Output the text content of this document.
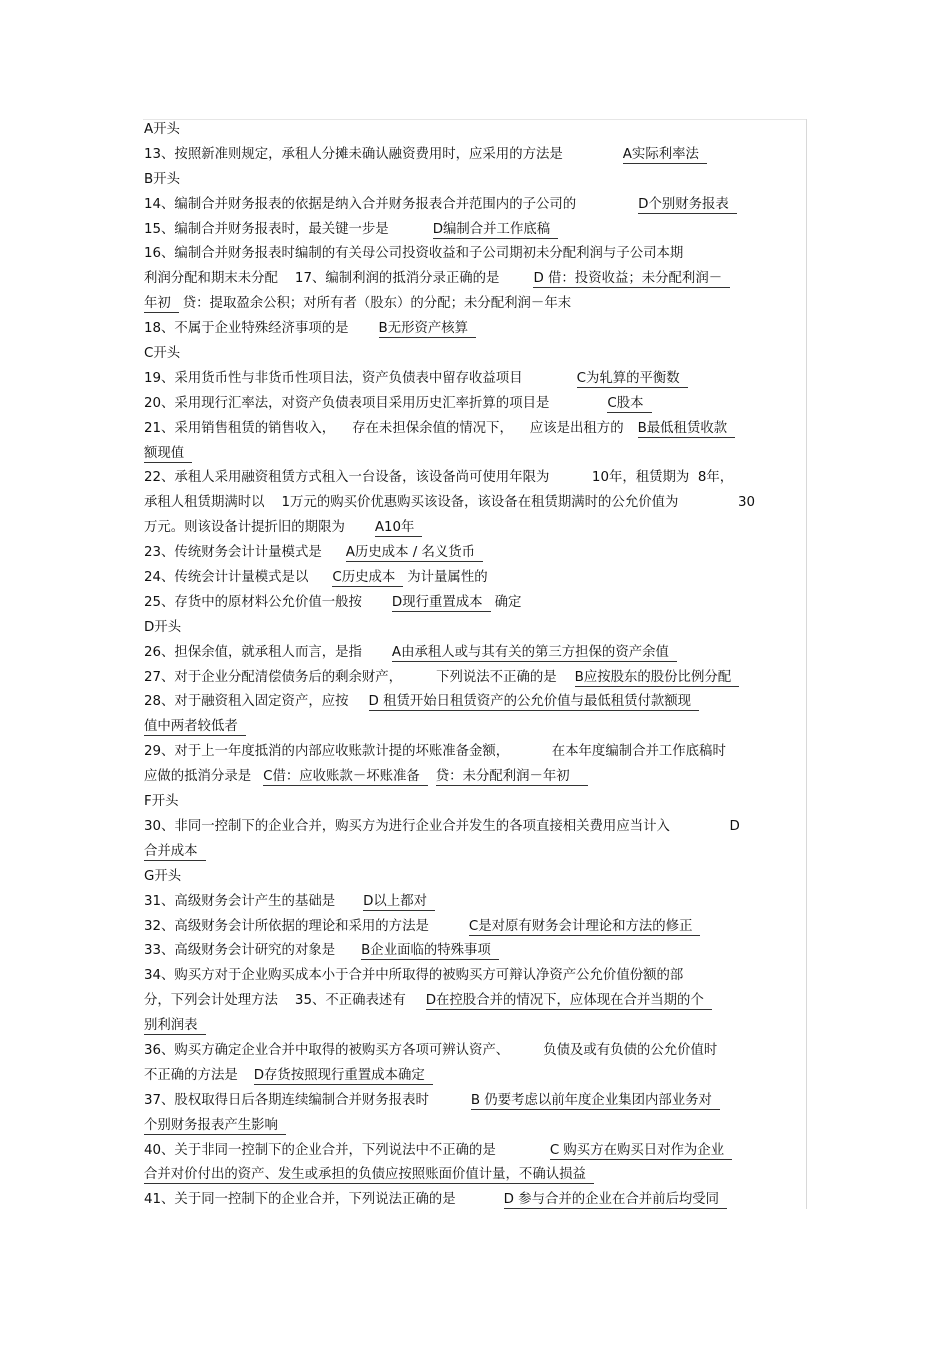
A开头
13、按照新准则规定，承租人分摊未确认融资费用时，应采用的方法是	A实际利率法
B开头
14、编制合并财务报表的依据是纳入合并财务报表合并范围内的子公司的	D个别财务报表
15、编制合并财务报表时，最关键一步是	D编制合并工作底稿
16、编制合并财务报表时编制的有关母公司投资收益和子公司期初未分配利润与子公司本期
利润分配和期末未分配    17、编制利润的抵消分录正确的是	D 借：投资收益；未分配利润－
年初 贷：提取盈余公积；对所有者（股东）的分配；未分配利润－年末
18、不属于企业特殊经济事项的是 B无形资产核算
C开头
19、采用货币性与非货币性项目法，资产负债表中留存收益项目	C为轧算的平衡数
20、采用现行汇率法，对资产负债表项目采用历史汇率折算的项目是	C股本
21、采用销售租赁的销售收入，    存在未担保余值的情况下，    应该是出租方的 B最低租赁收款
额现值
22、承租人采用融资租赁方式租入一台设备，该设备尚可使用年限为          10年，租赁期为  8年，
承租人租赁期满时以    1万元的购买价优惠购买该设备，该设备在租赁期满时的公允价值为              30
万元。则该设备计提折旧的期限为 A10年
23、传统财务会计计量模式是 A历史成本 / 名义货币
24、传统会计计量模式是以 C历史成本 为计量属性的
25、存货中的原材料公允价值一般按 D现行重置成本 确定
D开头
26、担保余值，就承租人而言，是指 A由承租人或与其有关的第三方担保的资产余值
27、对于企业分配清偿债务后的剩余财产，        下列说法不正确的是 B应按股东的股份比例分配
28、对于融资租入固定资产，应按 D 租赁开始日租赁资产的公允价值与最低租赁付款额现
值中两者较低者
29、对于上一年度抵消的内部应收账款计提的坏账准备金额，          在本年度编制合并工作底稿时
应做的抵消分录是 C借：应收账款－坏账准备 贷：未分配利润－年初
F开头
30、非同一控制下的企业合并，购买方为进行企业合并发生的各项直接相关费用应当计入              D
合并成本
G开头
31、高级财务会计产生的基础是 D以上都对
32、高级财务会计所依据的理论和采用的方法是	C是对原有财务会计理论和方法的修正
33、高级财务会计研究的对象是 B企业面临的特殊事项
34、购买方对于企业购买成本小于合并中所取得的被购买方可辩认净资产公允价值份额的部
分，下列会计处理方法    35、不正确表述有 D在控股合并的情况下，应体现在合并当期的个
别利润表
36、购买方确定企业合并中取得的被购买方各项可辨认资产、        负债及或有负债的公允价值时
不正确的方法是 D存货按照现行重置成本确定
37、股权取得日后各期连续编制合并财务报表时	B 仍要考虑以前年度企业集团内部业务对
个别财务报表产生影响
40、关于非同一控制下的企业合并，下列说法中不正确的是	C 购买方在购买日对作为企业
合并对价付出的资产、发生或承担的负债应按照账面价值计量，不确认损益
41、关于同一控制下的企业合并，下列说法正确的是	D 参与合并的企业在合并前后均受同
